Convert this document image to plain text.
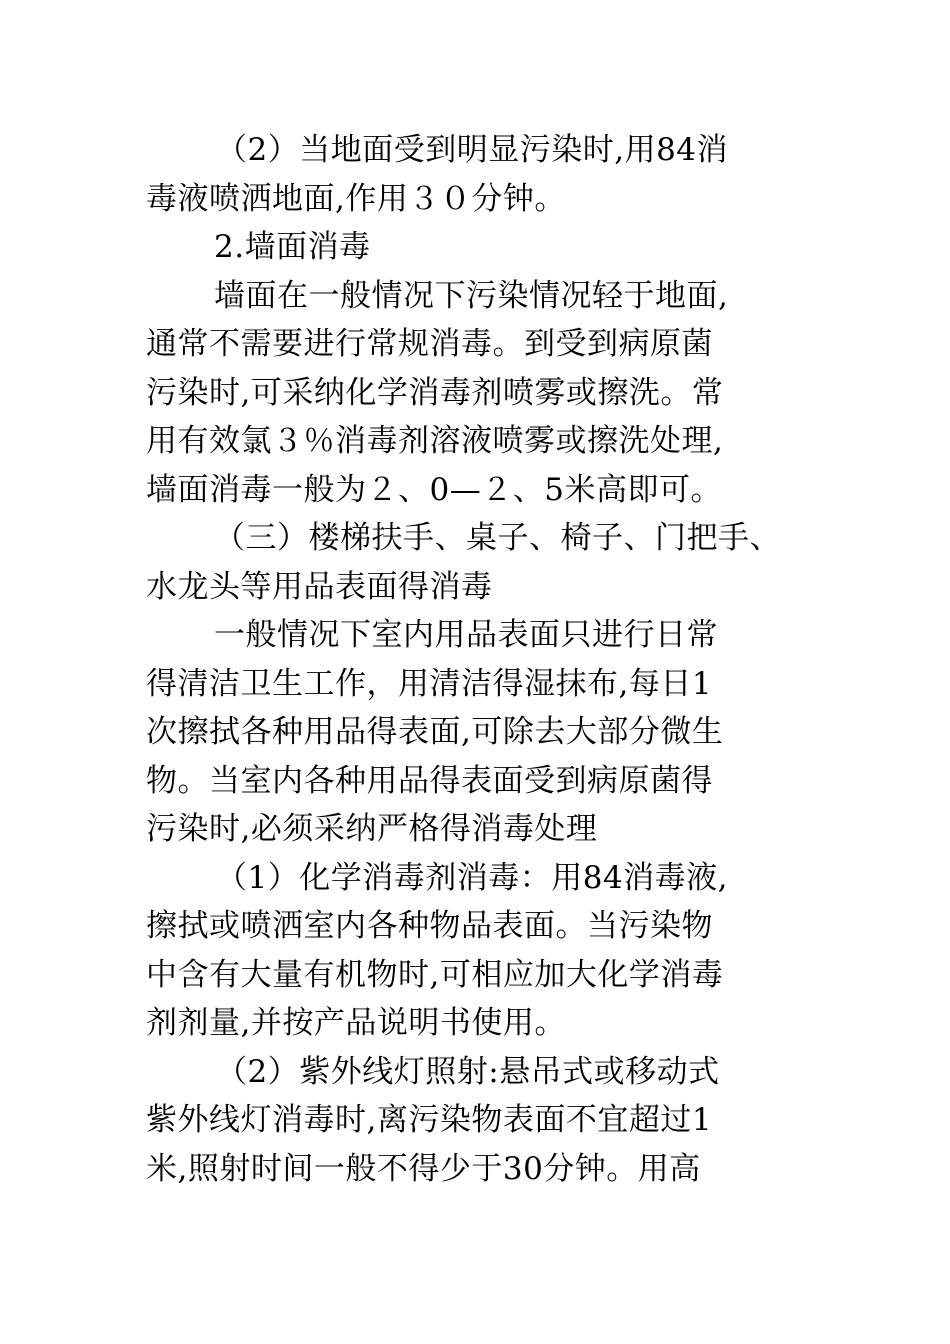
（2）当地面受到明显污染时,用84消
毒液喷洒地面,作用３０分钟。
2.墙面消毒
墙面在一般情况下污染情况轻于地面,
通常不需要进行常规消毒。到受到病原菌
污染时,可采纳化学消毒剂喷雾或擦洗。常
用有效氯３％消毒剂溶液喷雾或擦洗处理,
墙面消毒一般为２、0—２、5米高即可。
（三）楼梯扶手、桌子、椅子、门把手、
水龙头等用品表面得消毒
一般情况下室内用品表面只进行日常
得清洁卫生工作，用清洁得湿抹布,每日1
次擦拭各种用品得表面,可除去大部分微生
物。当室内各种用品得表面受到病原菌得
污染时,必须采纳严格得消毒处理
（1）化学消毒剂消毒：用84消毒液,
擦拭或喷洒室内各种物品表面。当污染物
中含有大量有机物时,可相应加大化学消毒
剂剂量,并按产品说明书使用。
（2）紫外线灯照射:悬吊式或移动式
紫外线灯消毒时,离污染物表面不宜超过1
米,照射时间一般不得少于30分钟。用高
